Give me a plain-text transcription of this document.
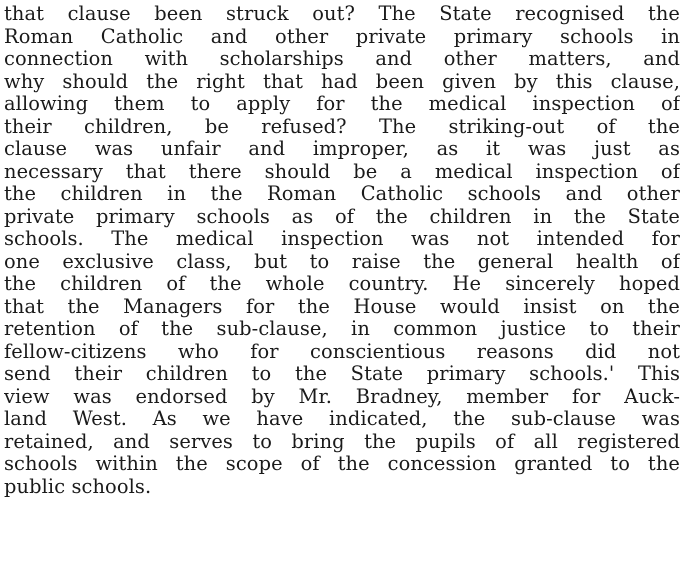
that clause been struck out? The State recognised the
Roman Catholic and other private primary schools in
connection with scholarships and other matters, and
why should the right that had been given by this clause,
allowing them to apply for the medical inspection of
their children, be refused? The striking-out of the
clause was unfair and improper, as it was just as
necessary that there should be a medical inspection of
the children in the Roman Catholic schools and other
private primary schools as of the children in the State
schools. The medical inspection was not intended for
one exclusive class, but to raise the general health of
the children of the whole country. He sincerely hoped
that the Managers for the House would insist on the
retention of the sub-clause, in common justice to their
fellow-citizens who for conscientious reasons did not
send their children to the State primary schools.' This
view was endorsed by Mr. Bradney, member for Auck-
land West. As we have indicated, the sub-clause was
retained, and serves to bring the pupils of all registered
schools within the scope of the concession granted to the
public schools.
